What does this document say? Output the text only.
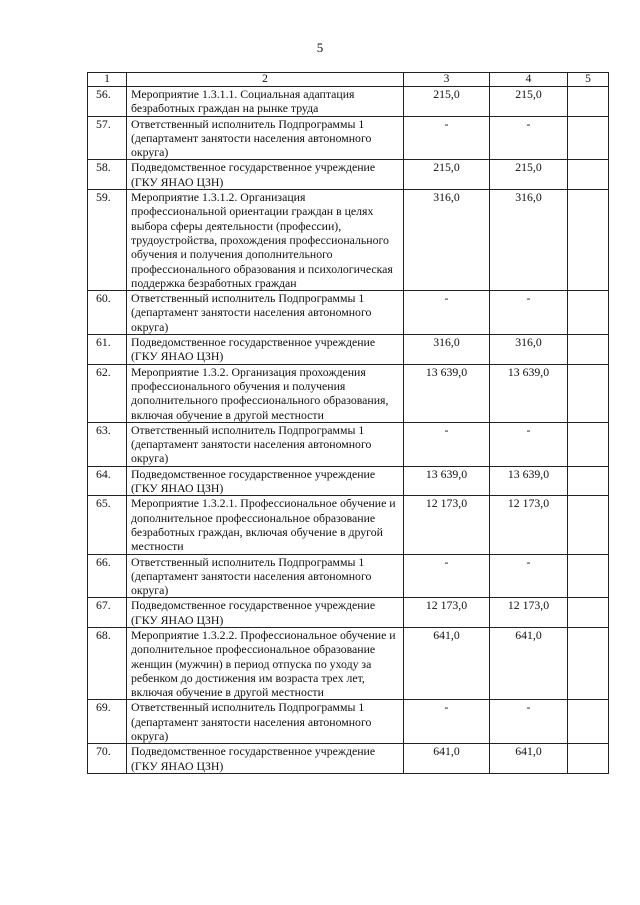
5
1	2	3	4	5
56.	Мероприятие 1.3.1.1. Социальная адаптация безработных граждан на рынке труда	215,0	215,0	
57.	Ответственный исполнитель Подпрограммы 1 (департамент занятости населения автономного округа)	-	-	
58.	Подведомственное государственное учреждение (ГКУ ЯНАО ЦЗН)	215,0	215,0	
59.	Мероприятие 1.3.1.2. Организация профессиональной ориентации граждан в целях выбора сферы деятельности (профессии), трудоустройства, прохождения профессионального обучения и получения дополнительного профессионального образования и психологическая поддержка безработных граждан	316,0	316,0	
60.	Ответственный исполнитель Подпрограммы 1 (департамент занятости населения автономного округа)	-	-	
61.	Подведомственное государственное учреждение (ГКУ ЯНАО ЦЗН)	316,0	316,0	
62.	Мероприятие 1.3.2. Организация прохождения профессионального обучения и получения дополнительного профессионального образования, включая обучение в другой местности	13 639,0	13 639,0	
63.	Ответственный исполнитель Подпрограммы 1 (департамент занятости населения автономного округа)	-	-	
64.	Подведомственное государственное учреждение (ГКУ ЯНАО ЦЗН)	13 639,0	13 639,0	
65.	Мероприятие 1.3.2.1. Профессиональное обучение и дополнительное профессиональное образование безработных граждан, включая обучение в другой местности	12 173,0	12 173,0	
66.	Ответственный исполнитель Подпрограммы 1 (департамент занятости населения автономного округа)	-	-	
67.	Подведомственное государственное учреждение (ГКУ ЯНАО ЦЗН)	12 173,0	12 173,0	
68.	Мероприятие 1.3.2.2. Профессиональное обучение и дополнительное профессиональное образование женщин (мужчин) в период отпуска по уходу за ребенком до достижения им возраста трех лет, включая обучение в другой местности	641,0	641,0	
69.	Ответственный исполнитель Подпрограммы 1 (департамент занятости населения автономного округа)	-	-	
70.	Подведомственное государственное учреждение (ГКУ ЯНАО ЦЗН)	641,0	641,0	
